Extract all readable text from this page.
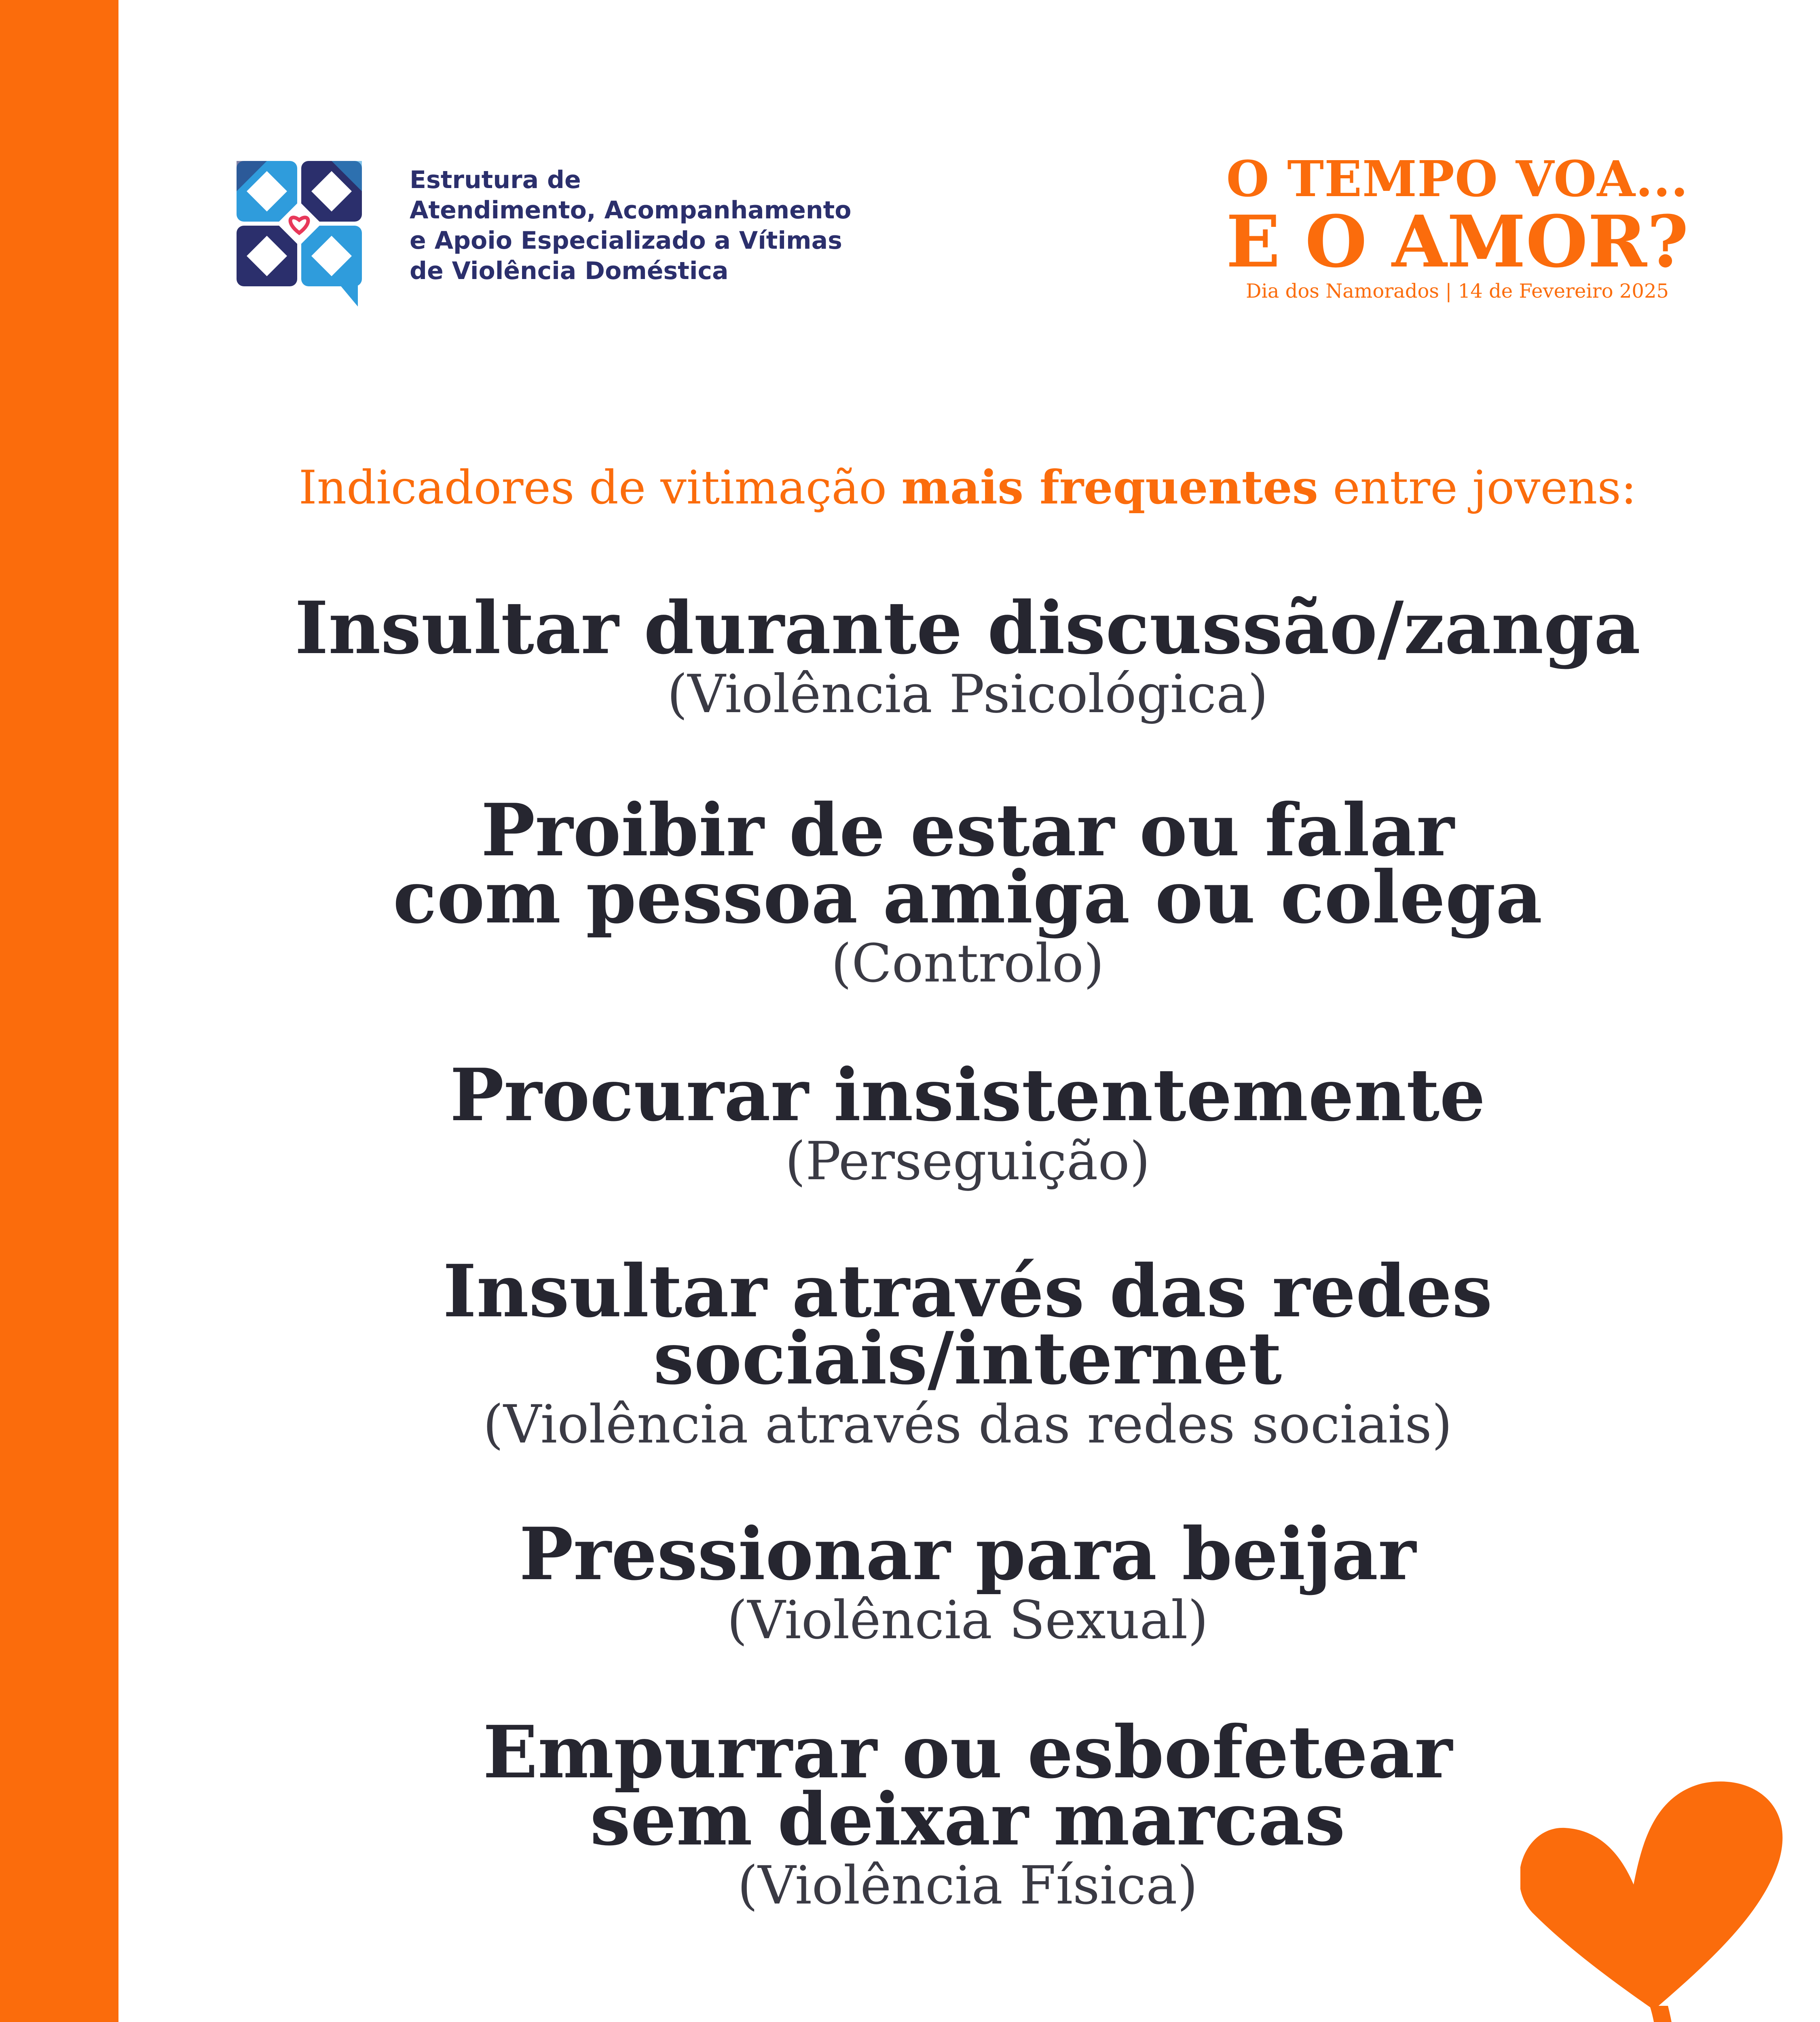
Estrutura de
Atendimento, Acompanhamento
e Apoio Especializado a Vítimas
de Violência Doméstica
O TEMPO VOA...
E O AMOR?
Dia dos Namorados | 14 de Fevereiro 2025
Indicadores de vitimação mais frequentes entre jovens:
Insultar durante discussão/zanga
(Violência Psicológica)
Proibir de estar ou falar
com pessoa amiga ou colega
(Controlo)
Procurar insistentemente
(Perseguição)
Insultar através das redes
sociais/internet
(Violência através das redes sociais)
Pressionar para beijar
(Violência Sexual)
Empurrar ou esbofetear
sem deixar marcas
(Violência Física)
